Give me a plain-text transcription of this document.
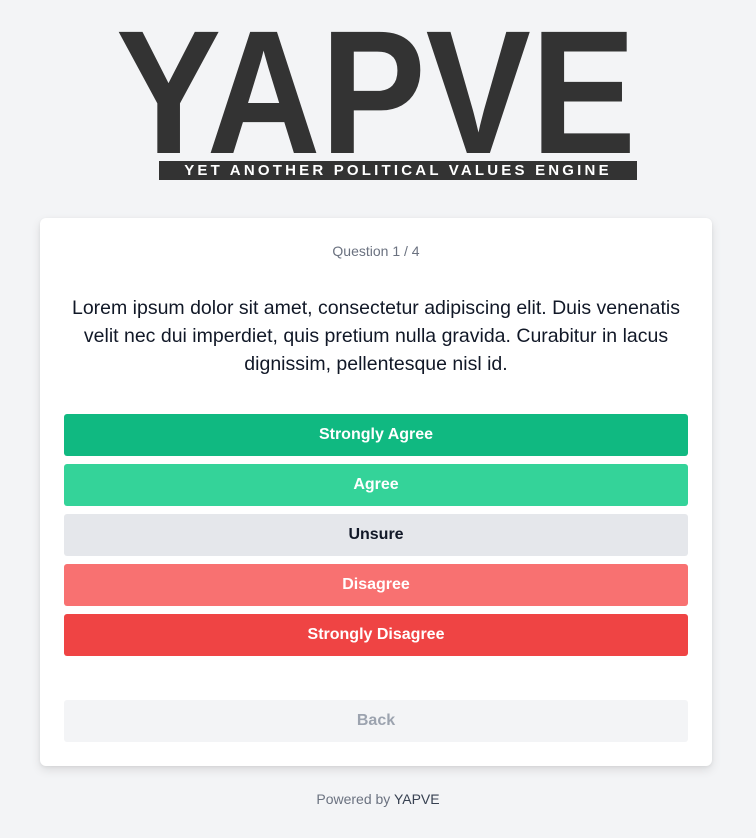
YAPVE
YET ANOTHER POLITICAL VALUES ENGINE
Question 1 / 4
Lorem ipsum dolor sit amet, consectetur adipiscing elit. Duis venenatis velit nec dui imperdiet, quis pretium nulla gravida. Curabitur in lacus dignissim, pellentesque nisl id.
Strongly Agree
Agree
Unsure
Disagree
Strongly Disagree
Back
Powered by YAPVE
